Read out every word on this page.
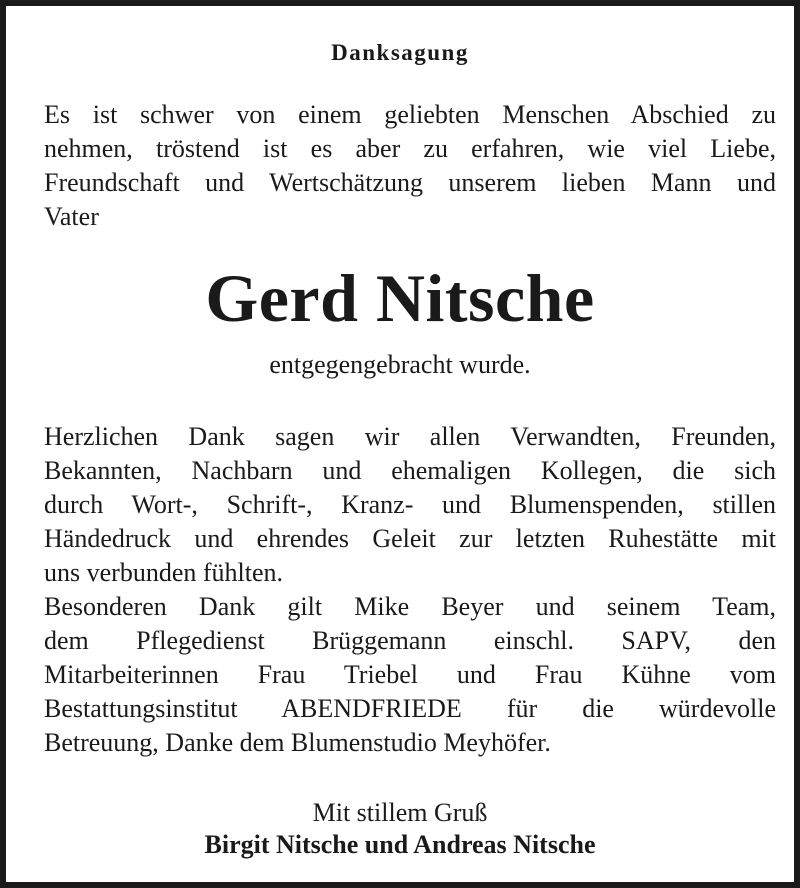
Danksagung
Es ist schwer von einem geliebten Menschen Abschied zu
nehmen, tröstend ist es aber zu erfahren, wie viel Liebe,
Freundschaft und Wertschätzung unserem lieben Mann und
Vater
Gerd Nitsche
entgegengebracht wurde.
Herzlichen Dank sagen wir allen Verwandten, Freunden,
Bekannten, Nachbarn und ehemaligen Kollegen, die sich
durch Wort-, Schrift-, Kranz- und Blumenspenden, stillen
Händedruck und ehrendes Geleit zur letzten Ruhestätte mit
uns verbunden fühlten.
Besonderen Dank gilt Mike Beyer und seinem Team,
dem Pflegedienst Brüggemann einschl. SAPV, den
Mitarbeiterinnen Frau Triebel und Frau Kühne vom
Bestattungsinstitut ABENDFRIEDE für die würdevolle
Betreuung, Danke dem Blumenstudio Meyhöfer.
Mit stillem Gruß
Birgit Nitsche und Andreas Nitsche
